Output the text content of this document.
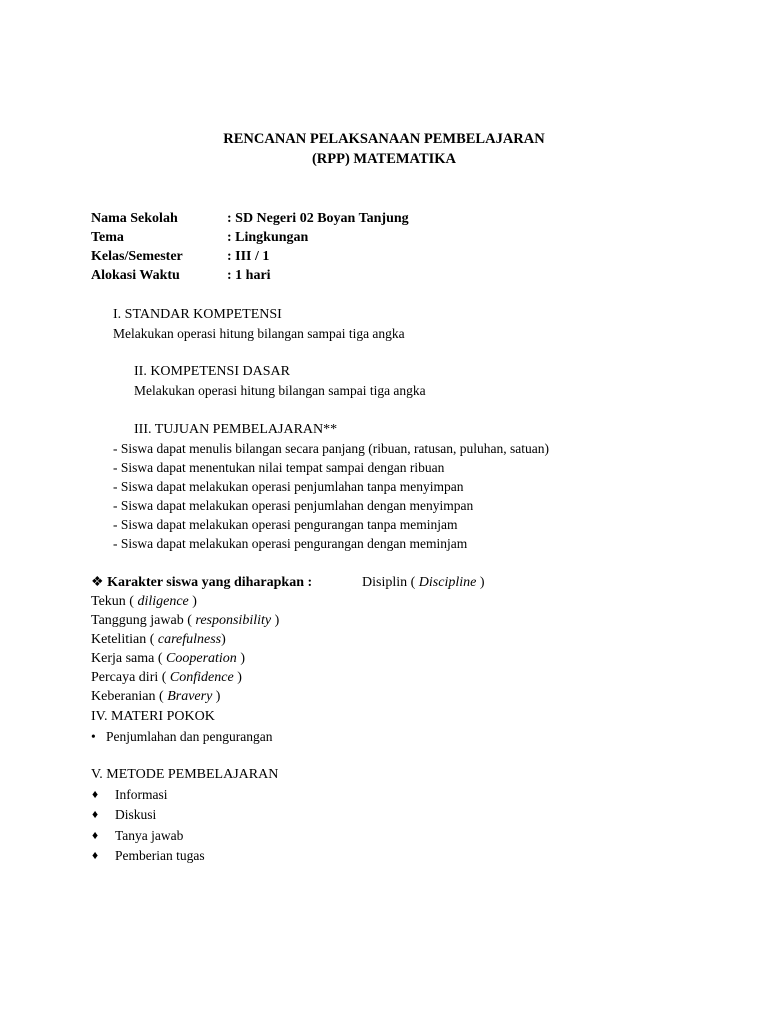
RENCANAN PELAKSANAAN PEMBELAJARAN
(RPP) MATEMATIKA
Nama Sekolah	: SD Negeri 02 Boyan Tanjung
Tema	: Lingkungan
Kelas/Semester	: III / 1
Alokasi Waktu	: 1 hari
I. STANDAR KOMPETENSI
Melakukan operasi hitung bilangan sampai tiga angka
II. KOMPETENSI DASAR
Melakukan operasi hitung bilangan sampai tiga angka
III. TUJUAN PEMBELAJARAN**
- Siswa dapat menulis bilangan secara panjang (ribuan, ratusan, puluhan, satuan)
- Siswa dapat menentukan nilai tempat sampai dengan ribuan
- Siswa dapat melakukan operasi penjumlahan tanpa menyimpan
- Siswa dapat melakukan operasi penjumlahan dengan menyimpan
- Siswa dapat melakukan operasi pengurangan tanpa meminjam
- Siswa dapat melakukan operasi pengurangan dengan meminjam
❖ Karakter siswa yang diharapkan :	Disiplin ( Discipline )
Tekun ( diligence )
Tanggung jawab ( responsibility )
Ketelitian ( carefulness)
Kerja sama ( Cooperation )
Percaya diri ( Confidence )
Keberanian ( Bravery )
IV. MATERI POKOK
• Penjumlahan dan pengurangan
V. METODE PEMBELAJARAN
♦ Informasi
♦ Diskusi
♦ Tanya jawab
♦ Pemberian tugas
